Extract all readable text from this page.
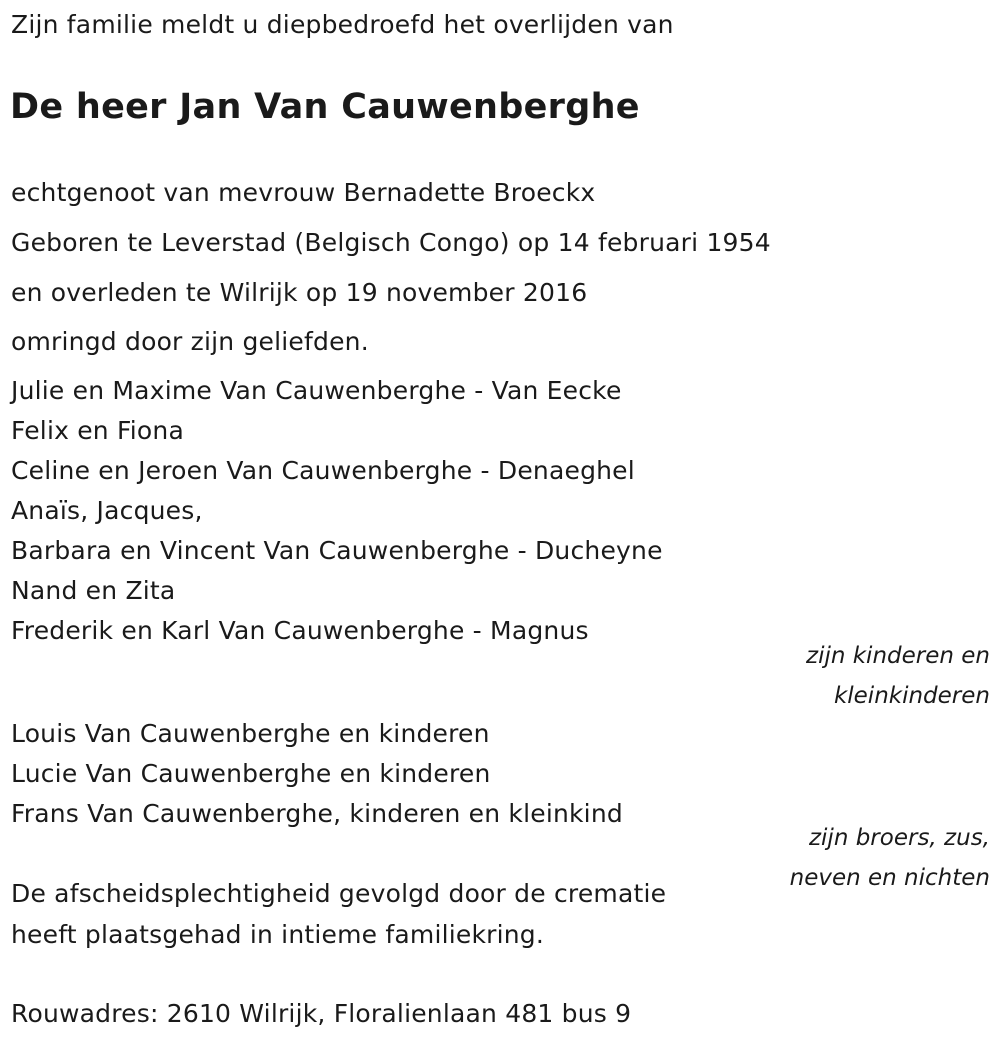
Zijn familie meldt u diepbedroefd het overlijden van
De heer Jan Van Cauwenberghe
echtgenoot van mevrouw Bernadette Broeckx
Geboren te Leverstad (Belgisch Congo) op 14 februari 1954
en overleden te Wilrijk op 19 november 2016
omringd door zijn geliefden.
Julie en Maxime Van Cauwenberghe - Van Eecke
Felix en Fiona
Celine en Jeroen Van Cauwenberghe - Denaeghel
Anaïs, Jacques,
Barbara en Vincent Van Cauwenberghe - Ducheyne
Nand en Zita
Frederik en Karl Van Cauwenberghe - Magnus
zijn kinderen en
kleinkinderen
Louis Van Cauwenberghe en kinderen
Lucie Van Cauwenberghe en kinderen
Frans Van Cauwenberghe, kinderen en kleinkind
zijn broers, zus,
neven en nichten
De afscheidsplechtigheid gevolgd door de crematie
heeft plaatsgehad in intieme familiekring.
Rouwadres: 2610 Wilrijk, Floralienlaan 481 bus 9
